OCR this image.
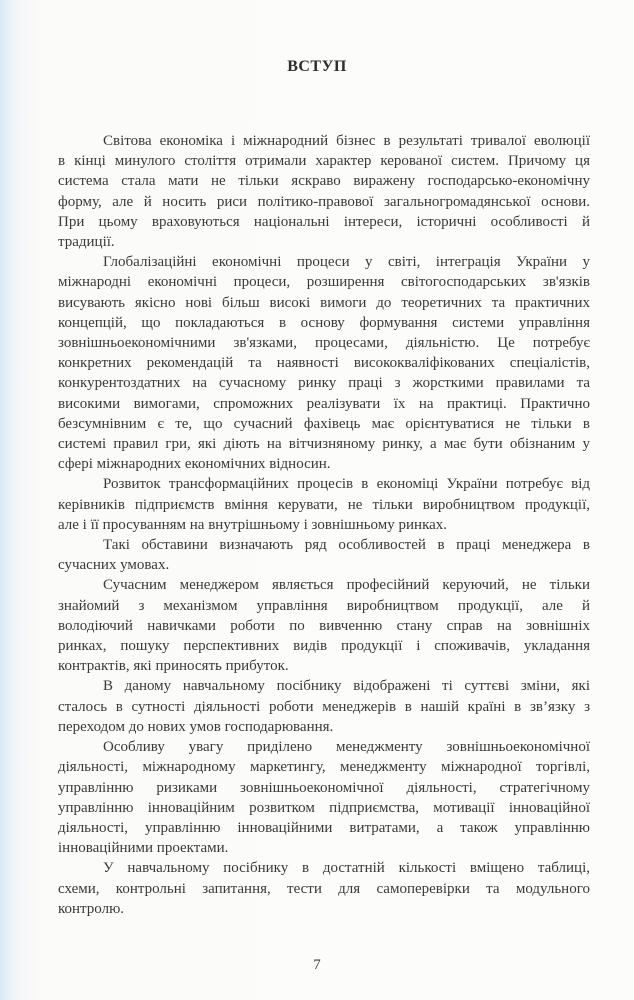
ВСТУП
Світова економіка і міжнародний бізнес в результаті тривалої еволюції
в кінці минулого століття отримали характер керованої систем. Причому ця
система стала мати не тільки яскраво виражену господарсько-економічну
форму, але й носить риси політико-правової загальногромадянської основи.
При цьому враховуються національні інтереси, історичні особливості й
традиції.
Глобалізаційні економічні процеси у світі, інтеграція України у
міжнародні економічні процеси, розширення світогосподарських зв'язків
висувають якісно нові більш високі вимоги до теоретичних та практичних
концепцій, що покладаються в основу формування системи управління
зовнішньоекономічними зв'язками, процесами, діяльністю. Це потребує
конкретних рекомендацій та наявності висококваліфікованих спеціалістів,
конкурентоздатних на сучасному ринку праці з жорсткими правилами та
високими вимогами, спроможних реалізувати їх на практиці. Практично
безсумнівним є те, що сучасний фахівець має орієнтуватися не тільки в
системі правил гри, які діють на вітчизняному ринку, а має бути обізнаним у
сфері міжнародних економічних відносин.
Розвиток трансформаційних процесів в економіці України потребує від
керівників підприємств вміння керувати, не тільки виробництвом продукції,
але і її просуванням на внутрішньому і зовнішньому ринках.
Такі обставини визначають ряд особливостей в праці менеджера в
сучасних умовах.
Сучасним менеджером являється професійний керуючий, не тільки
знайомий з механізмом управління виробництвом продукції, але й
володіючий навичками роботи по вивченню стану справ на зовнішніх
ринках, пошуку перспективних видів продукції і споживачів, укладання
контрактів, які приносять прибуток.
В даному навчальному посібнику відображені ті суттєві зміни, які
сталось в сутності діяльності роботи менеджерів в нашій країні в зв’язку з
переходом до нових умов господарювання.
Особливу увагу приділено менеджменту зовнішньоекономічної
діяльності, міжнародному маркетингу, менеджменту міжнародної торгівлі,
управлінню ризиками зовнішньоекономічної діяльності, стратегічному
управлінню інноваційним розвитком підприємства, мотивації інноваційної
діяльності, управлінню інноваційними витратами, а також управлінню
інноваційними проектами.
У навчальному посібнику в достатній кількості вміщено таблиці,
схеми, контрольні запитання, тести для самоперевірки та модульного
контролю.
7
